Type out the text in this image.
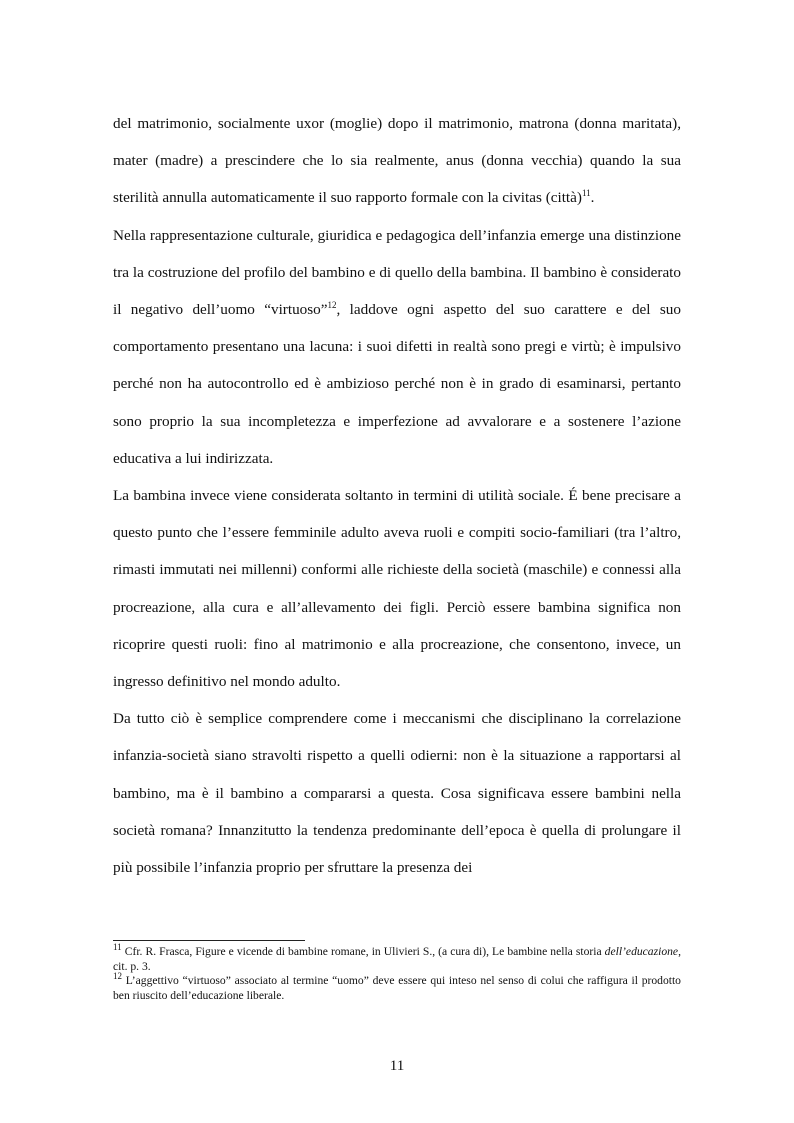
del matrimonio, socialmente uxor (moglie) dopo il matrimonio, matrona (donna maritata), mater (madre) a prescindere che lo sia realmente, anus (donna vecchia) quando la sua sterilità annulla automaticamente il suo rapporto formale con la civitas (città)$^{11}$.

Nella rappresentazione culturale, giuridica e pedagogica dell’infanzia emerge una distinzione tra la costruzione del profilo del bambino e di quello della bambina. Il bambino è considerato il negativo dell’uomo “virtuoso”$^{12}$, laddove ogni aspetto del suo carattere e del suo comportamento presentano una lacuna: i suoi difetti in realtà sono pregi e virtù; è impulsivo perché non ha autocontrollo ed è ambizioso perché non è in grado di esaminarsi, pertanto sono proprio la sua incompletezza e imperfezione ad avvalorare e a sostenere l’azione educativa a lui indirizzata.

La bambina invece viene considerata soltanto in termini di utilità sociale. É bene precisare a questo punto che l’essere femminile adulto aveva ruoli e compiti socio-familiari (tra l’altro, rimasti immutati nei millenni) conformi alle richieste della società (maschile) e connessi alla procreazione, alla cura e all’allevamento dei figli. Perciò essere bambina significa non ricoprire questi ruoli: fino al matrimonio e alla procreazione, che consentono, invece, un ingresso definitivo nel mondo adulto.

Da tutto ciò è semplice comprendere come i meccanismi che disciplinano la correlazione infanzia-società siano stravolti rispetto a quelli odierni: non è la situazione a rapportarsi al bambino, ma è il bambino a compararsi a questa. Cosa significava essere bambini nella società romana? Innanzitutto la tendenza predominante dell’epoca è quella di prolungare il più possibile l’infanzia proprio per sfruttare la presenza dei

$^{11}$ Cfr. R. Frasca, Figure e vicende di bambine romane, in Ulivieri S., (a cura di), Le bambine nella storia dell’educazione, cit. p. 3.

$^{12}$ L’aggettivo “virtuoso” associato al termine “uomo” deve essere qui inteso nel senso di colui che raffigura il prodotto ben riuscito dell’educazione liberale.

11
